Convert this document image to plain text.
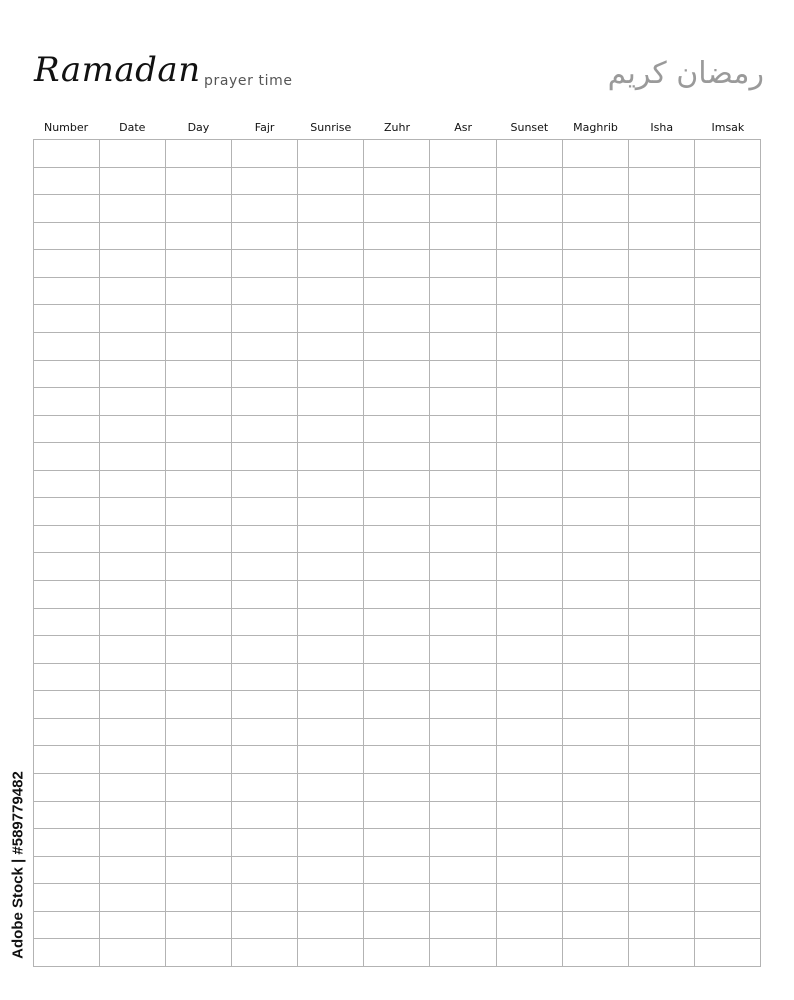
Ramadan prayer time	رمضان كريم
Number	Date	Day	Fajr	Sunrise	Zuhr	Asr	Sunset	Maghrib	Isha	Imsak

Adobe Stock | #589779482
